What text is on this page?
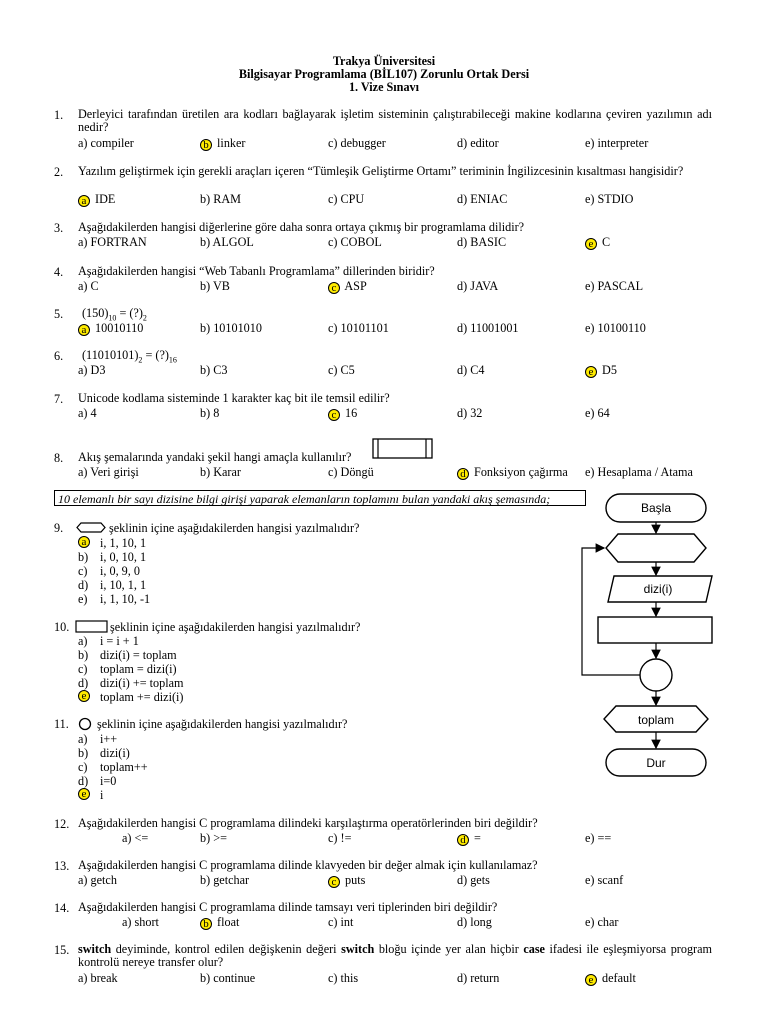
Trakya Üniversitesi
Bilgisayar Programlama (BİL107) Zorunlu Ortak Dersi
1. Vize Sınavı
1. Derleyici tarafından üretilen ara kodları bağlayarak işletim sisteminin çalıştırabileceği makine kodlarına çeviren yazılımın adı nedir?
a) compiler	b linker	c) debugger	d) editor	e) interpreter
2. Yazılım geliştirmek için gerekli araçları içeren “Tümleşik Geliştirme Ortamı” teriminin İngilizcesinin kısaltması hangisidir?
a IDE	b) RAM	c) CPU	d) ENIAC	e) STDIO
3. Aşağıdakilerden hangisi diğerlerine göre daha sonra ortaya çıkmış bir programlama dilidir?
a) FORTRAN	b) ALGOL	c) COBOL	d) BASIC	e C
4. Aşağıdakilerden hangisi “Web Tabanlı Programlama” dillerinden biridir?
a) C	b) VB	c ASP	d) JAVA	e) PASCAL
5. $(150)_{10}$ = $(?)_2$
a 10010110	b) 10101010	c) 10101101	d) 11001001	e) 10100110
6. $(11010101)_2$ = $(?)_{16}$
a) D3	b) C3	c) C5	d) C4	e D5
7. Unicode kodlama sisteminde 1 karakter kaç bit ile temsil edilir?
a) 4	b) 8	c 16	d) 32	e) 64
8. Akış şemalarında yandaki şekil hangi amaçla kullanılır?
a) Veri girişi	b) Karar	c) Döngü	d Fonksiyon çağırma e) Hesaplama / Atama
12. Aşağıdakilerden hangisi C programlama dilindeki karşılaştırma operatörlerinden biri değildir?
a) <=	b) >=	c) !=	d =	e) ==
13. Aşağıdakilerden hangisi C programlama dilinde klavyeden bir değer almak için kullanılamaz?
a) getch	b) getchar	c puts	d) gets	e) scanf
14. Aşağıdakilerden hangisi C programlama dilinde tamsayı veri tiplerinden biri değildir?
a) short	b float	c) int	d) long	e) char
15. switch deyiminde, kontrol edilen değişkenin değeri switch bloğu içinde yer alan hiçbir case ifadesi ile eşleşmiyorsa program kontrolü nereye transfer olur?
a) break	b) continue	c) this	d) return	e default
10 elemanlı bir sayı dizisine bilgi girişi yaparak elemanların toplamını bulan yandaki akış şemasında;
9.	şeklinin içine aşağıdakilerden hangisi yazılmalıdır?
a i, 1, 10, 1
b) i, 0, 10, 1
c) i, 0, 9, 0
d) i, 10, 1, 1
e) i, 1, 10, -1
10.	şeklinin içine aşağıdakilerden hangisi yazılmalıdır?
a) i = i + 1
b) dizi(i) = toplam
c) toplam = dizi(i)
d) dizi(i) += toplam
e toplam += dizi(i)
11. şeklinin içine aşağıdakilerden hangisi yazılmalıdır?
a) i++
b) dizi(i)
c) toplam++
d) i=0
e i
Başla
dizi(i)
toplam
Dur
